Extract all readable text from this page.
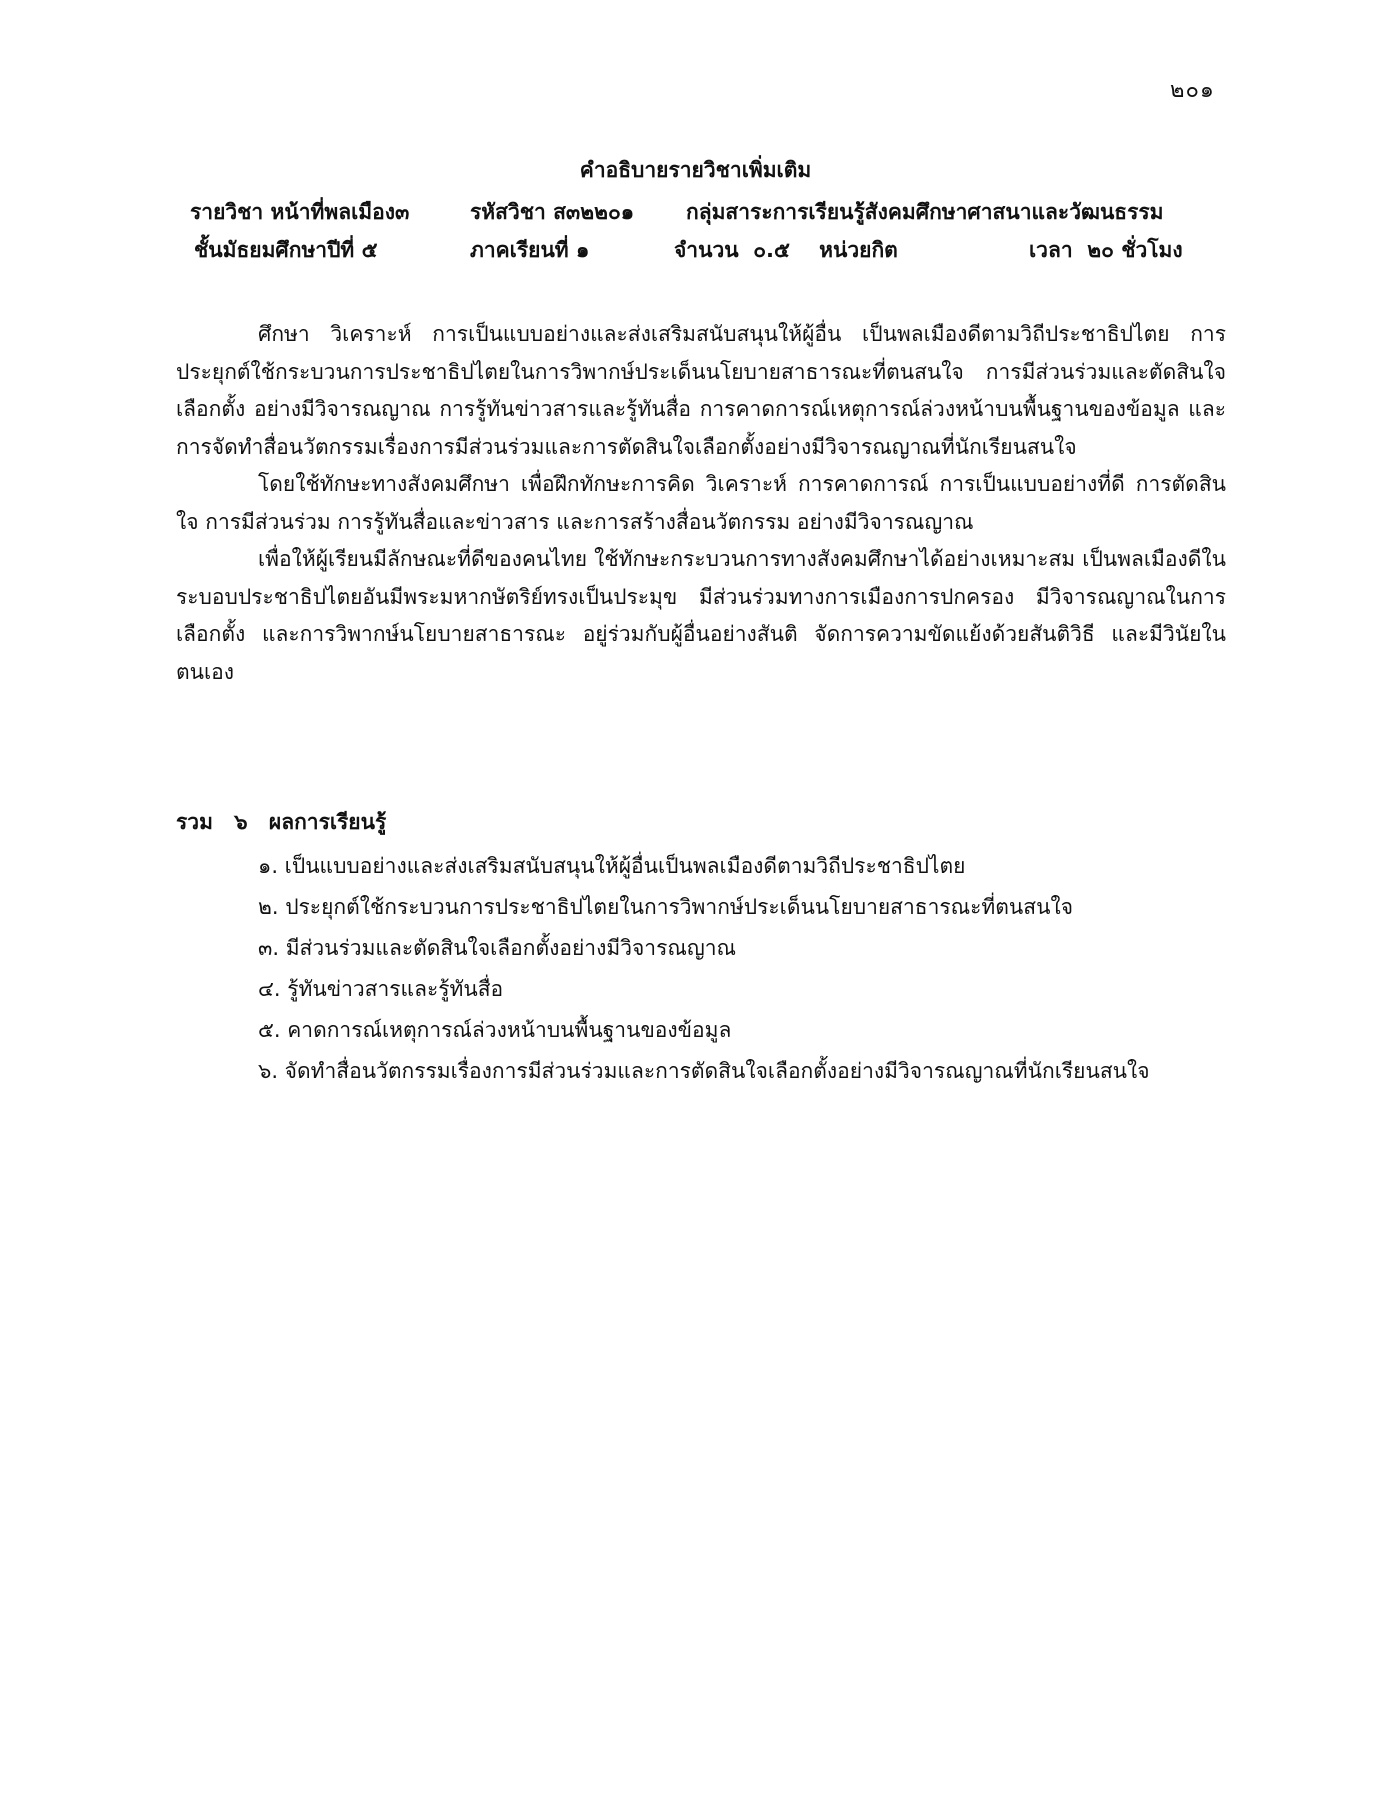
๒๐๑
คำอธิบายรายวิชาเพิ่มเติม
รายวิชา หน้าที่พลเมือง๓	รหัสวิชา ส๓๒๒๐๑ กลุ่มสาระการเรียนรู้สังคมศึกษาศาสนาและวัฒนธรรม
ชั้นมัธยมศึกษาปีที่ ๕	ภาคเรียนที่ ๑	จำนวน  ๐.๕    หน่วยกิต	เวลา  ๒๐ ชั่วโมง

ศึกษา วิเคราะห์ การเป็นแบบอย่างและส่งเสริมสนับสนุนให้ผู้อื่น เป็นพลเมืองดีตามวิถีประชาธิปไตย การประยุกต์ใช้กระบวนการประชาธิปไตยในการวิพากษ์ประเด็นนโยบายสาธารณะที่ตนสนใจ การมีส่วนร่วมและตัดสินใจเลือกตั้ง อย่างมีวิจารณญาณ การรู้ทันข่าวสารและรู้ทันสื่อ การคาดการณ์เหตุการณ์ล่วงหน้าบนพื้นฐานของข้อมูล และการจัดทำสื่อนวัตกรรมเรื่องการมีส่วนร่วมและการตัดสินใจเลือกตั้งอย่างมีวิจารณญาณที่นักเรียนสนใจ

โดยใช้ทักษะทางสังคมศึกษา เพื่อฝึกทักษะการคิด วิเคราะห์ การคาดการณ์ การเป็นแบบอย่างที่ดี การตัดสินใจ การมีส่วนร่วม การรู้ทันสื่อและข่าวสาร และการสร้างสื่อนวัตกรรม อย่างมีวิจารณญาณ

เพื่อให้ผู้เรียนมีลักษณะที่ดีของคนไทย ใช้ทักษะกระบวนการทางสังคมศึกษาได้อย่างเหมาะสม เป็นพลเมืองดีในระบอบประชาธิปไตยอันมีพระมหากษัตริย์ทรงเป็นประมุข มีส่วนร่วมทางการเมืองการปกครอง มีวิจารณญาณในการเลือกตั้ง และการวิพากษ์นโยบายสาธารณะ อยู่ร่วมกับผู้อื่นอย่างสันติ จัดการความขัดแย้งด้วยสันติวิธี และมีวินัยในตนเอง

รวม ๖ ผลการเรียนรู้
๑. เป็นแบบอย่างและส่งเสริมสนับสนุนให้ผู้อื่นเป็นพลเมืองดีตามวิถีประชาธิปไตย
๒. ประยุกต์ใช้กระบวนการประชาธิปไตยในการวิพากษ์ประเด็นนโยบายสาธารณะที่ตนสนใจ
๓. มีส่วนร่วมและตัดสินใจเลือกตั้งอย่างมีวิจารณญาณ
๔. รู้ทันข่าวสารและรู้ทันสื่อ
๕. คาดการณ์เหตุการณ์ล่วงหน้าบนพื้นฐานของข้อมูล
๖. จัดทำสื่อนวัตกรรมเรื่องการมีส่วนร่วมและการตัดสินใจเลือกตั้งอย่างมีวิจารณญาณที่นักเรียนสนใจ
